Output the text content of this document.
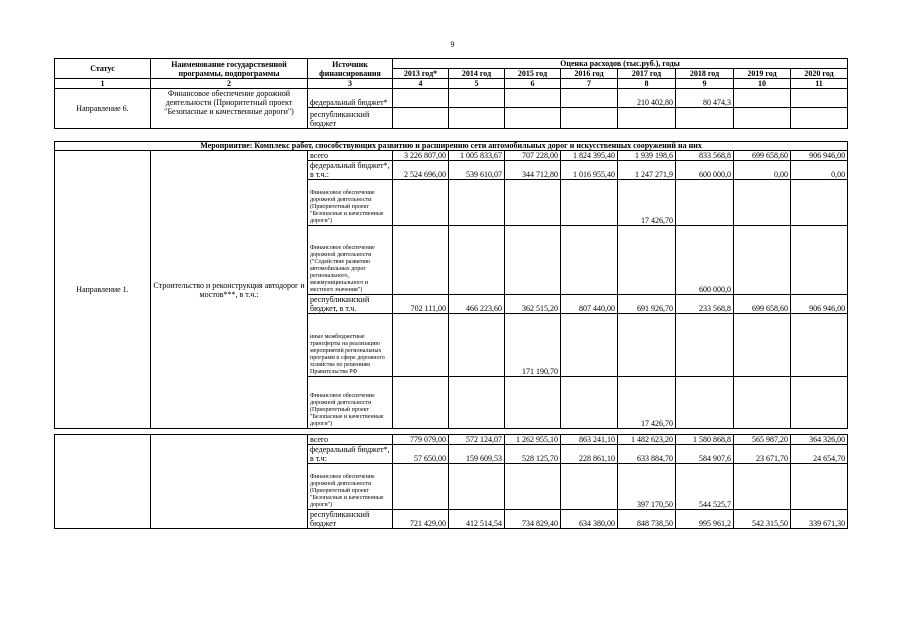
9
Статус	Наименование государственной программы, подпрограммы	Источник финансирования	Оценка расходов (тыс.руб.), годы							
			2013 год*	2014 год	2015 год	2016 год	2017 год	2018 год	2019 год	2020 год
1	2	3	4	5	6	7	8	9	10	11
Направление 6.	Финансовое обеспечение дорожной деятельности (Приоритетный проект "Безопасные и качественные дороги")	федеральный бюджет*					210 402,80	80 474,3		
		республиканский бюджет								
Мероприятие: Комплекс работ, способствующих развитию и расширению сети автомобильных дорог и искусственных сооружений на них										
Направление 1.	Строительство и реконструкция автодорог и мостов***, в т.ч.:	всего	3 226 807,00	1 005 833,67	707 228,00	1 824 395,40	1 939 198,6	833 568,8	699 658,60	906 946,00
		федеральный бюджет*, в т.ч.:	2 524 696,00	539 610,07	344 712,80	1 016 955,40	1 247 271,9	600 000,0	0,00	0,00
		Финансовое обеспечение дорожной деятельности (Приоритетный проект "Безопасные и качественные дороги")					17 426,70			
		Финансовое обеспечение дорожной деятельности ("Содействие развитию автомобильных дорог регионального, межмуниципального и местного значения")						600 000,0		
		республиканский бюджет, в т.ч.	702 111,00	466 223,60	362 515,20	807 440,00	691 926,70	233 568,8	699 658,60	906 946,00
		иные межбюджетные трансферты на реализацию мероприятий региональных программ в сфере дорожного хозяйства по решениям Правительства РФ			171 190,70					
		Финансовое обеспечение дорожной деятельности (Приоритетный проект "Безопасные и качественные дороги")					17 426,70			

		всего	779 079,00	572 124,07	1 262 955,10	863 241,10	1 482 623,20	1 580 868,8	565 987,20	364 326,00
		федеральный бюджет*, в т.ч:	57 650,00	159 609,53	528 125,70	228 861,10	633 884,70	584 907,6	23 671,70	24 654,70
		Финансовое обеспечение дорожной деятельности (Приоритетный проект "Безопасные и качественные дороги")					397 170,50	544 525,7		
		республиканский бюджет	721 429,00	412 514,54	734 829,40	634 380,00	848 738,50	995 961,2	542 315,50	339 671,30
